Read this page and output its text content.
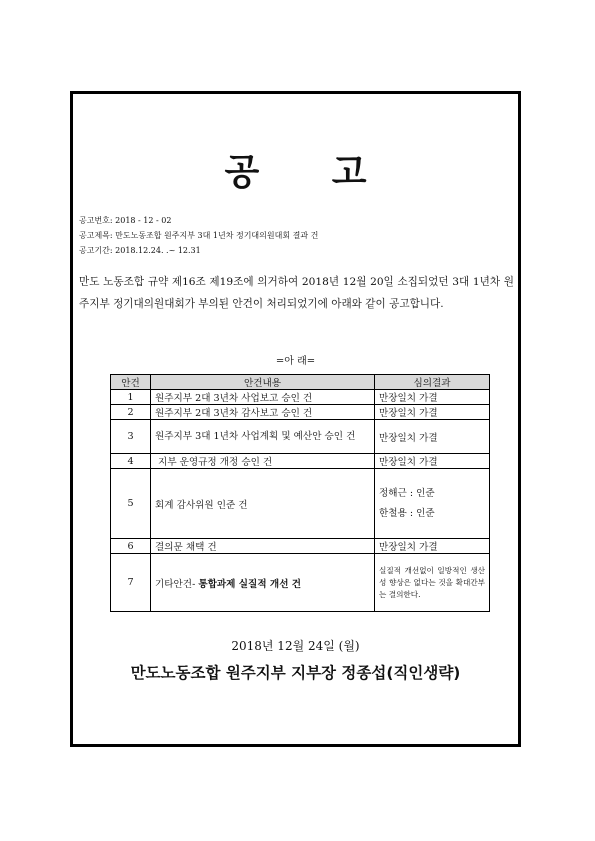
공 고
공고번호: 2018 - 12 - 02
공고제목: 만도노동조합 원주지부 3대 1년차 정기대의원대회 결과 건
공고기간: 2018.12.24. .~ 12.31
만도 노동조합 규약 제16조 제19조에 의거하여 2018년 12월 20일 소집되었던 3대 1년차 원주지부 정기대의원대회가 부의된 안건이 처리되었기에 아래와 같이 공고합니다.
=아 래=
안건	안건내용	심의결과
1	원주지부 2대 3년차 사업보고 승인 건	만장일치 가결
2	원주지부 2대 3년차 감사보고 승인 건	만장일치 가결
3	원주지부 3대 1년차 사업계획 및 예산안 승인 건	만장일치 가결
4	지부 운영규정 개정 승인 건	만장일치 가결
5	회계 감사위원 인준 건	정해근 : 인준
한철용 : 인준

6	결의문 채택 건	만장일치 가결
7	기타안건- 통합과제 실질적 개선 건	실질적 개선없이 일방적인 생산성 향상은 없다는 것을 확대간부는 결의한다.
2018년 12월 24일 (월)
만도노동조합 원주지부 지부장 정종섭(직인생략)
